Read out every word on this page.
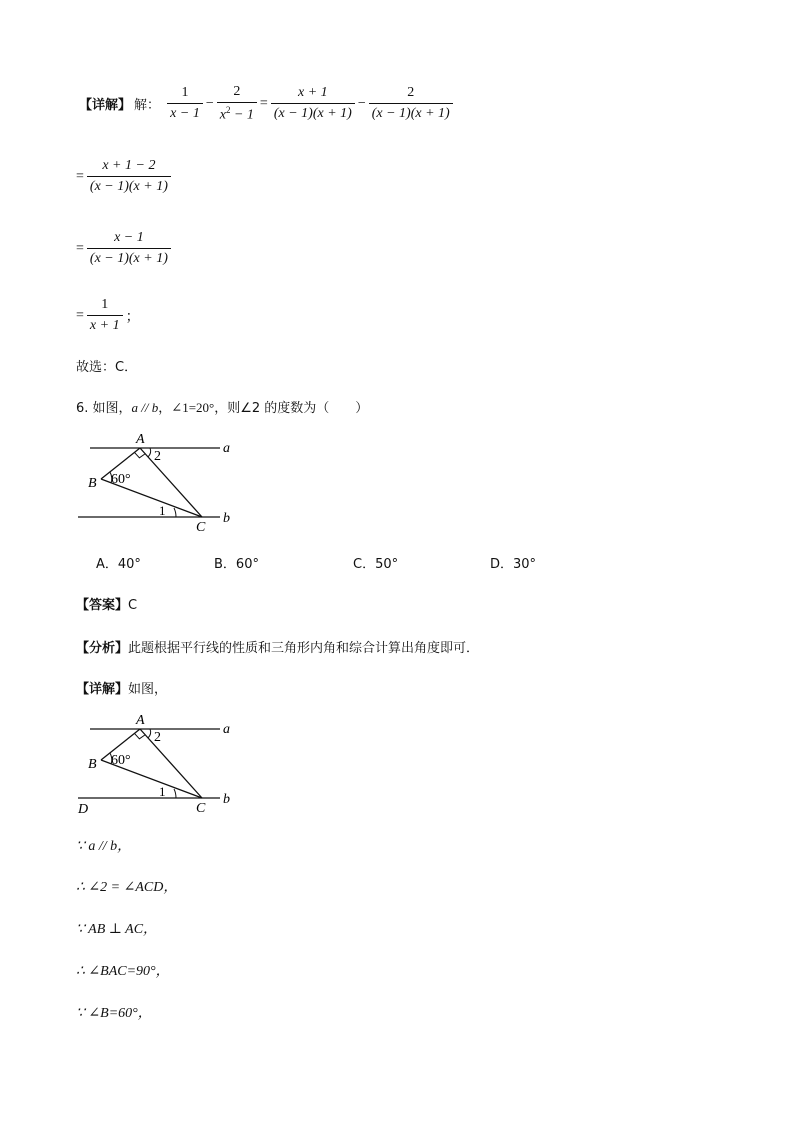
【详解】 解： $\frac{1}{x - 1} - \frac{2}{x^2 - 1} = \frac{x + 1}{(x - 1)(x + 1)} - \frac{2}{(x - 1)(x + 1)}$
= $\frac{x + 1 - 2}{(x - 1)(x + 1)}$
= $\frac{x - 1}{(x - 1)(x + 1)}$
= $\frac{1}{x + 1}$ ；
故选：C．
6. 如图，a // b，∠1=20°，则∠2 的度数为（　　）
A
a
2
B 60°
1
C
b
A．40°	B．60°	C．50°	D．30°
【答案】C
【分析】此题根据平行线的性质和三角形内角和综合计算出角度即可．
【详解】如图，
A
a
2
B 60°
D
1
C
b
∵ a // b，
∴ ∠2 = ∠ACD，
∵ AB ⊥ AC，
∴ ∠BAC=90°，
∵ ∠B=60°，
